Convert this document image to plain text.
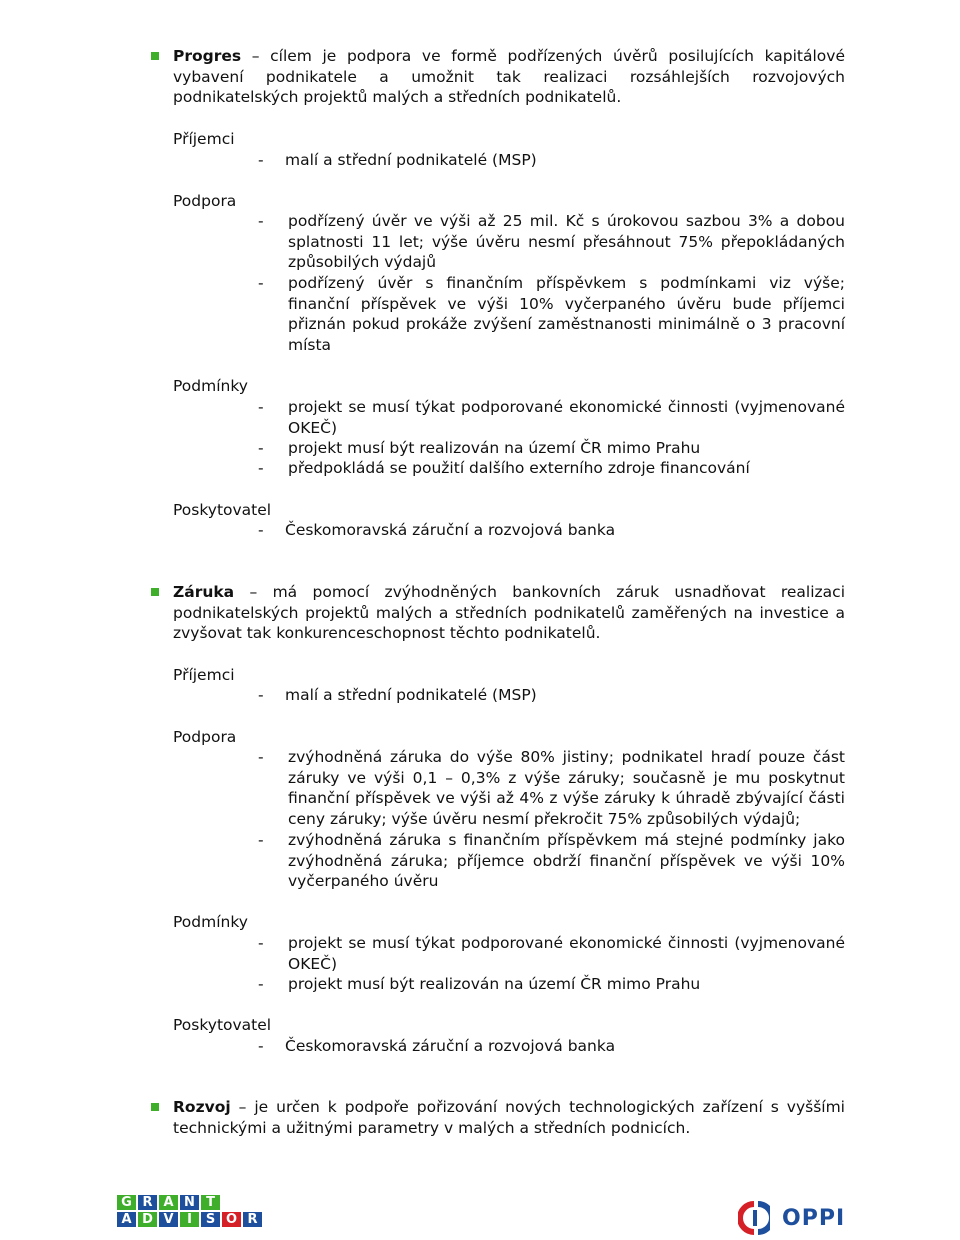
Progres – cílem je podpora ve formě podřízených úvěrů posilujících kapitálové vybavení podnikatele a umožnit tak realizaci rozsáhlejších rozvojových podnikatelských projektů malých a středních podnikatelů.
Příjemci
- malí a střední podnikatelé (MSP)
Podpora
- podřízený úvěr ve výši až 25 mil. Kč s úrokovou sazbou 3% a dobou splatnosti 11 let; výše úvěru nesmí přesáhnout 75% přepokládaných způsobilých výdajů
- podřízený úvěr s finančním příspěvkem s podmínkami viz výše; finanční příspěvek ve výši 10% vyčerpaného úvěru bude příjemci přiznán pokud prokáže zvýšení zaměstnanosti minimálně o 3 pracovní místa
Podmínky
- projekt se musí týkat podporované ekonomické činnosti (vyjmenované OKEČ)
- projekt musí být realizován na území ČR mimo Prahu
- předpokládá se použití dalšího externího zdroje financování
Poskytovatel
- Českomoravská záruční a rozvojová banka
Záruka – má pomocí zvýhodněných bankovních záruk usnadňovat realizaci podnikatelských projektů malých a středních podnikatelů zaměřených na investice a zvyšovat tak konkurenceschopnost těchto podnikatelů.
Příjemci
- malí a střední podnikatelé (MSP)
Podpora
- zvýhodněná záruka do výše 80% jistiny; podnikatel hradí pouze část záruky ve výši 0,1 – 0,3% z výše záruky; současně je mu poskytnut finanční příspěvek ve výši až 4% z výše záruky k úhradě zbývající části ceny záruky; výše úvěru nesmí překročit 75% způsobilých výdajů;
- zvýhodněná záruka s finančním příspěvkem má stejné podmínky jako zvýhodněná záruka; příjemce obdrží finanční příspěvek ve výši 10% vyčerpaného úvěru
Podmínky
- projekt se musí týkat podporované ekonomické činnosti (vyjmenované OKEČ)
- projekt musí být realizován na území ČR mimo Prahu
Poskytovatel
- Českomoravská záruční a rozvojová banka
Rozvoj – je určen k podpoře pořizování nových technologických zařízení s vyššími technickými a užitnými parametry v malých a středních podnicích.
G R A N T
A D V	I	S O R	OPPI
